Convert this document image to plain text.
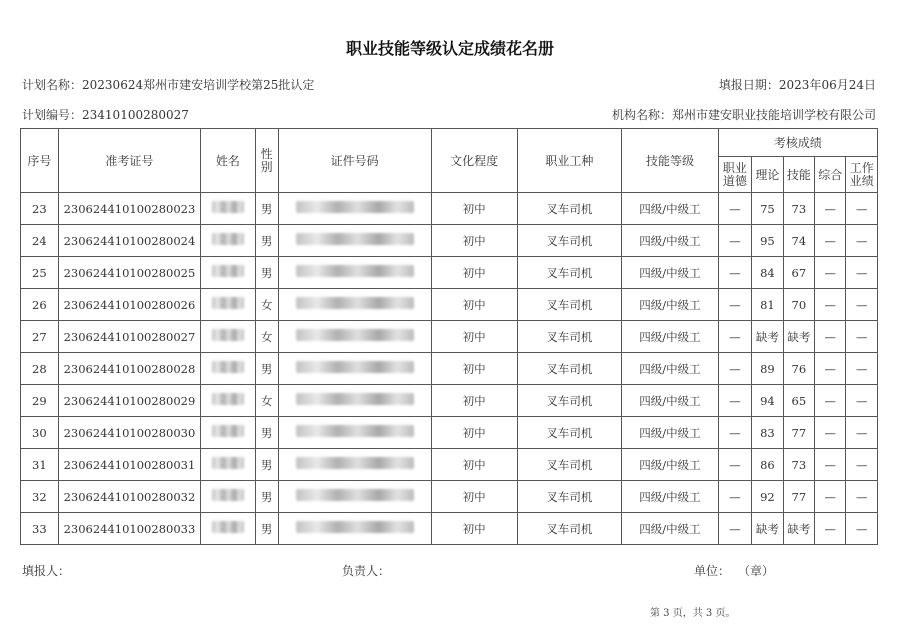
职业技能等级认定成绩花名册
计划名称：20230624郑州市建安培训学校第25批认定	填报日期：2023年06月24日
计划编号：23410100280027	机构名称：郑州市建安职业技能培训学校有限公司
序号	准考证号	姓名	性别	证件号码	文化程度	职业工种	技能等级	考核成绩				
								职业道德	理论	技能	综合	工作业绩
23	230624410100280023		男		初中	叉车司机	四级/中级工	—	75	73	—	—
24	230624410100280024		男		初中	叉车司机	四级/中级工	—	95	74	—	—
25	230624410100280025		男		初中	叉车司机	四级/中级工	—	84	67	—	—
26	230624410100280026		女		初中	叉车司机	四级/中级工	—	81	70	—	—
27	230624410100280027		女		初中	叉车司机	四级/中级工	—	缺考	缺考	—	—
28	230624410100280028		男		初中	叉车司机	四级/中级工	—	89	76	—	—
29	230624410100280029		女		初中	叉车司机	四级/中级工	—	94	65	—	—
30	230624410100280030		男		初中	叉车司机	四级/中级工	—	83	77	—	—
31	230624410100280031		男		初中	叉车司机	四级/中级工	—	86	73	—	—
32	230624410100280032		男		初中	叉车司机	四级/中级工	—	92	77	—	—
33	230624410100280033		男		初中	叉车司机	四级/中级工	—	缺考	缺考	—	—
填报人：	负责人：	单位： （章）
第 3 页，共 3 页。
